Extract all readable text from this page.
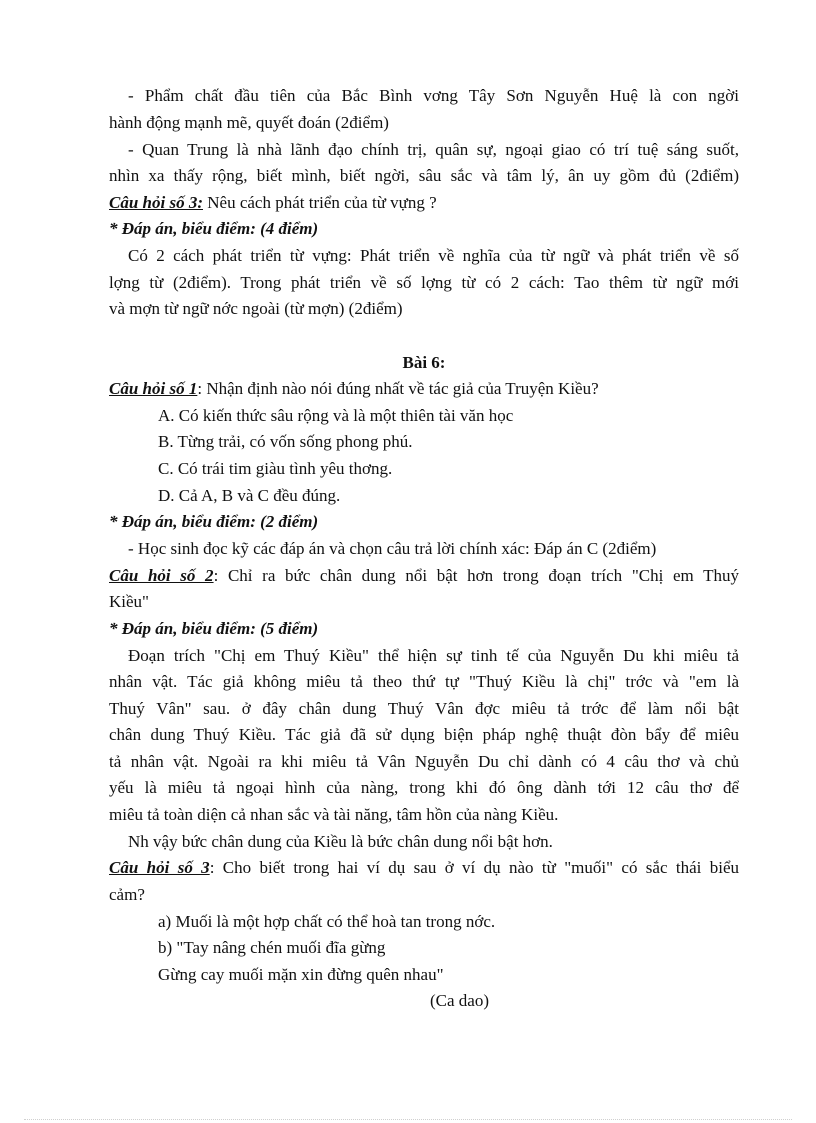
- Phẩm chất đầu tiên của Bắc Bình vơng Tây Sơn Nguyễn Huệ là con ngời
hành động mạnh mẽ, quyết đoán (2điểm)
- Quan Trung là nhà lãnh đạo chính trị, quân sự, ngoại giao có trí tuệ sáng suốt,
nhìn xa thấy rộng, biết mình, biết ngời, sâu sắc và tâm lý, ân uy gồm đủ (2điểm)
Câu hỏi số 3: Nêu cách phát triển của từ vựng ?
* Đáp án, biểu điểm: (4 điểm)
Có 2 cách phát triển từ vựng: Phát triển về nghĩa của từ ngữ và phát triển về số
lợng từ (2điểm). Trong phát triển về số lợng từ có 2 cách: Tao thêm từ ngữ mới
và mợn từ ngữ nớc ngoài (từ mợn) (2điểm)
Bài 6:
Câu hỏi số 1: Nhận định nào nói đúng nhất về tác giả của Truyện Kiều?
A. Có kiến thức sâu rộng và là một thiên tài văn học
B. Từng trải, có vốn sống phong phú.
C. Có trái tim giàu tình yêu thơng.
D. Cả A, B và C đều đúng.
* Đáp án, biểu điểm: (2 điểm)
- Học sinh đọc kỹ các đáp án và chọn câu trả lời chính xác: Đáp án C (2điểm)
Câu hỏi số 2: Chỉ ra bức chân dung nổi bật hơn trong đoạn trích "Chị em Thuý
Kiều"
* Đáp án, biểu điểm: (5 điểm)
Đoạn trích "Chị em Thuý Kiều" thể hiện sự tinh tế của Nguyễn Du khi miêu tả
nhân vật. Tác giả không miêu tả theo thứ tự "Thuý Kiều là chị" trớc và "em là
Thuý Vân" sau. ở đây chân dung Thuý Vân đợc miêu tả trớc để làm nổi bật
chân dung Thuý Kiều. Tác giả đã sử dụng biện pháp nghệ thuật đòn bẩy để miêu
tả nhân vật. Ngoài ra khi miêu tả Vân Nguyễn Du chỉ dành có 4 câu thơ và chủ
yếu là miêu tả ngoại hình của nàng, trong khi đó ông dành tới 12 câu thơ để
miêu tả toàn diện cả nhan sắc và tài năng, tâm hồn của nàng Kiều.
Nh vậy bức chân dung của Kiều là bức chân dung nổi bật hơn.
Câu hỏi số 3: Cho biết trong hai ví dụ sau ở ví dụ nào từ "muối" có sắc thái biểu
cảm?
a) Muối là một hợp chất có thể hoà tan trong nớc.
b) "Tay nâng chén muối đĩa gừng
Gừng cay muối mặn xin đừng quên nhau"
(Ca dao)
